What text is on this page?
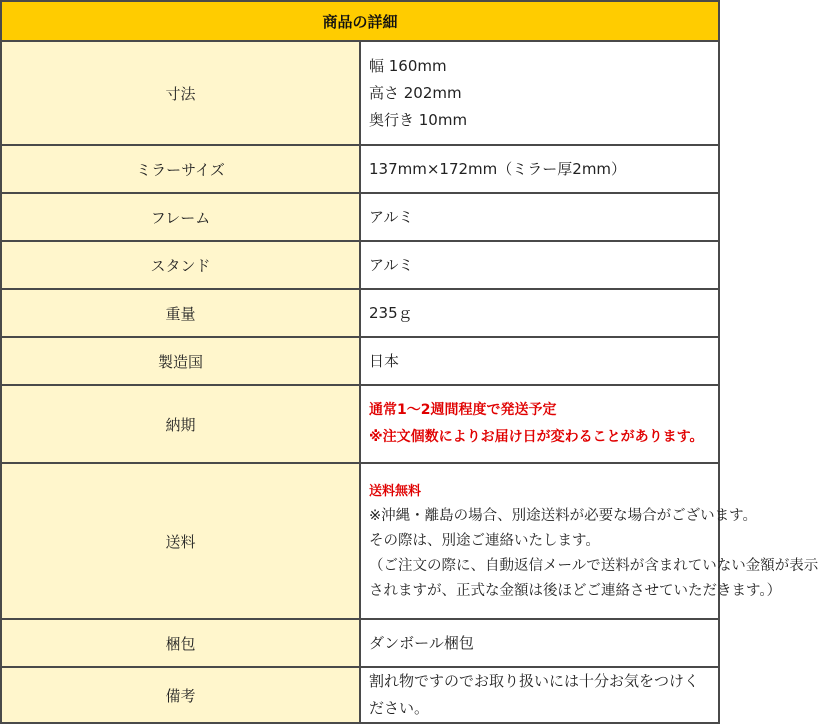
商品の詳細	
寸法	幅 160mm
高さ 202mm
奥行き 10mm

ミラーサイズ	137mm×172mm（ミラー厚2mm）
フレーム	アルミ
スタンド	アルミ
重量	235ｇ
製造国	日本
納期	通常1～2週間程度で発送予定
※注文個数によりお届け日が変わることがあります。

送料	送料無料
※沖縄・離島の場合、別途送料が必要な場合がございます。
その際は、別途ご連絡いたします。
（ご注文の際に、自動返信メールで送料が含まれていない金額が表示
されますが、正式な金額は後ほどご連絡させていただきます。）

梱包	ダンボール梱包
備考	割れ物ですのでお取り扱いには十分お気をつけください。
